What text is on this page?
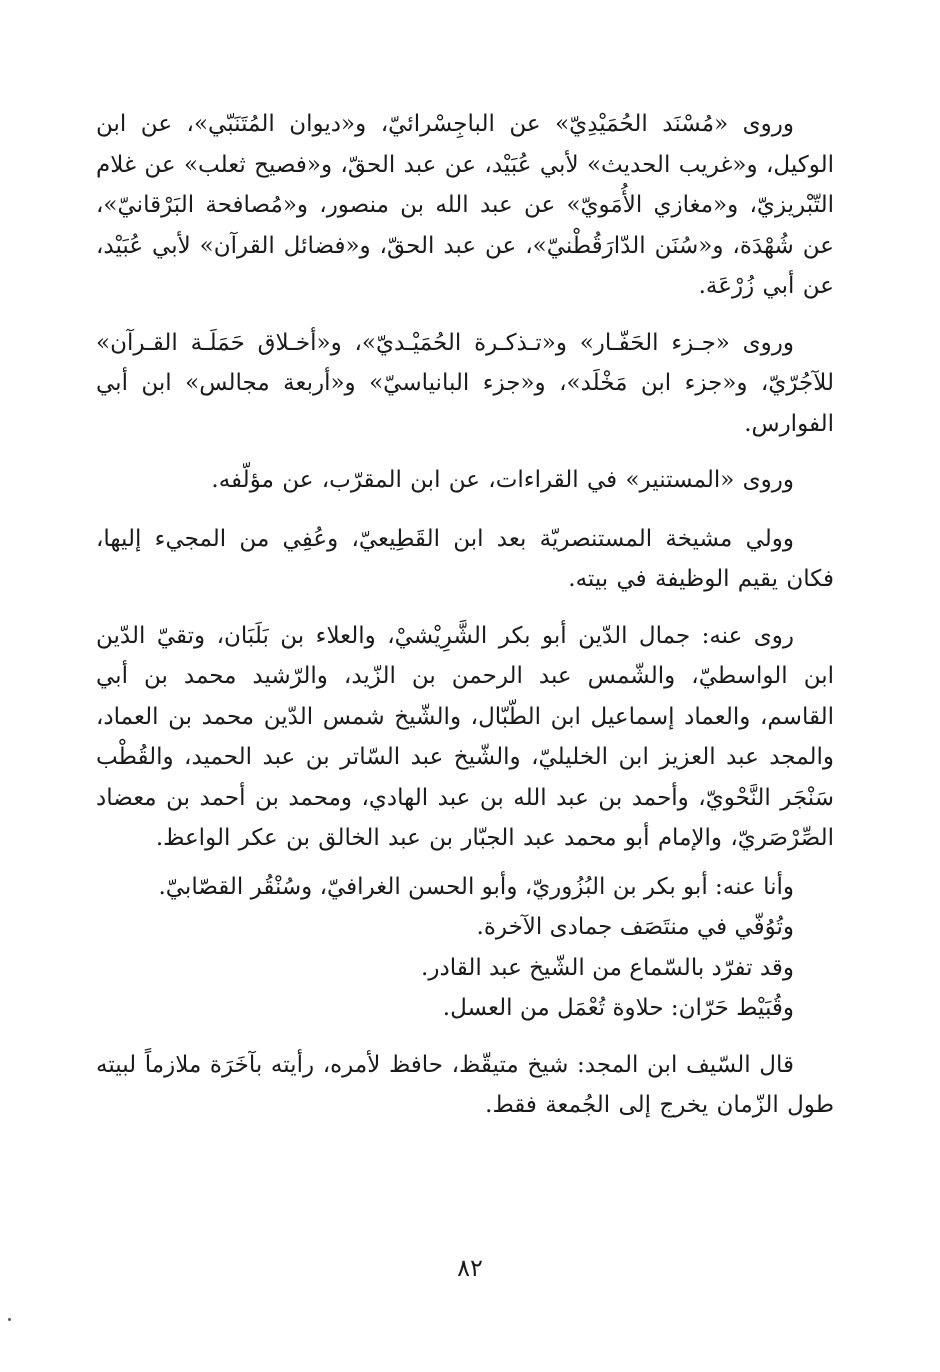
وروى «مُسْنَد الحُمَيْدِيّ» عن الباجِسْرائيّ، و«ديوان المُتَنَبّي»، عن ابن الوكيل، و«غريب الحديث» لأبي عُبَيْد، عن عبد الحقّ، و«فصيح ثعلب» عن غلام التّبْريزيّ، و«مغازي الأُمَويّ» عن عبد الله بن منصور، و«مُصافحة البَرْقانيّ»، عن شُهْدَة، و«سُنَن الدّارَقُطْنيّ»، عن عبد الحقّ، و«فضائل القرآن» لأبي عُبَيْد، عن أبي زُرْعَة.

وروى «جـزء الحَفّـار» و«تـذكـرة الحُمَيْـديّ»، و«أخـلاق حَمَلَـة القـرآن» للآجُرّيّ، و«جزء ابن مَخْلَد»، و«جزء البانياسيّ» و«أربعة مجالس» ابن أبي الفوارس.

وروى «المستنير» في القراءات، عن ابن المقرّب، عن مؤلّفه.

وولي مشيخة المستنصريّة بعد ابن القَطِيعيّ، وعُفِي من المجيء إليها، فكان يقيم الوظيفة في بيته.

روى عنه: جمال الدّين أبو بكر الشَّرِيْشيْ، والعلاء بن بَلَبَان، وتقيّ الدّين ابن الواسطيّ، والشّمس عبد الرحمن بن الزّيد، والرّشيد محمد بن أبي القاسم، والعماد إسماعيل ابن الطّبّال، والشّيخ شمس الدّين محمد بن العماد، والمجد عبد العزيز ابن الخليليّ، والشّيخ عبد السّاتر بن عبد الحميد، والقُطْب سَنْجَر النَّحْويّ، وأحمد بن عبد الله بن عبد الهادي، ومحمد بن أحمد بن معضاد الصِّرْصَريّ، والإمام أبو محمد عبد الجبّار بن عبد الخالق بن عكر الواعظ.

وأنا عنه: أبو بكر بن البُزُوريّ، وأبو الحسن الغرافيّ، وسُنْقُر القصّابيّ.
وتُوُفّي في منتَصَف جمادى الآخرة.
وقد تفرّد بالسّماع من الشّيخ عبد القادر.
وقُبَيْط حَرّان: حلاوة تُعْمَل من العسل.

قال السّيف ابن المجد: شيخ متيقّظ، حافظ لأمره، رأيته بآخَرَة ملازماً لبيته طول الزّمان يخرج إلى الجُمعة فقط.

٨٢
